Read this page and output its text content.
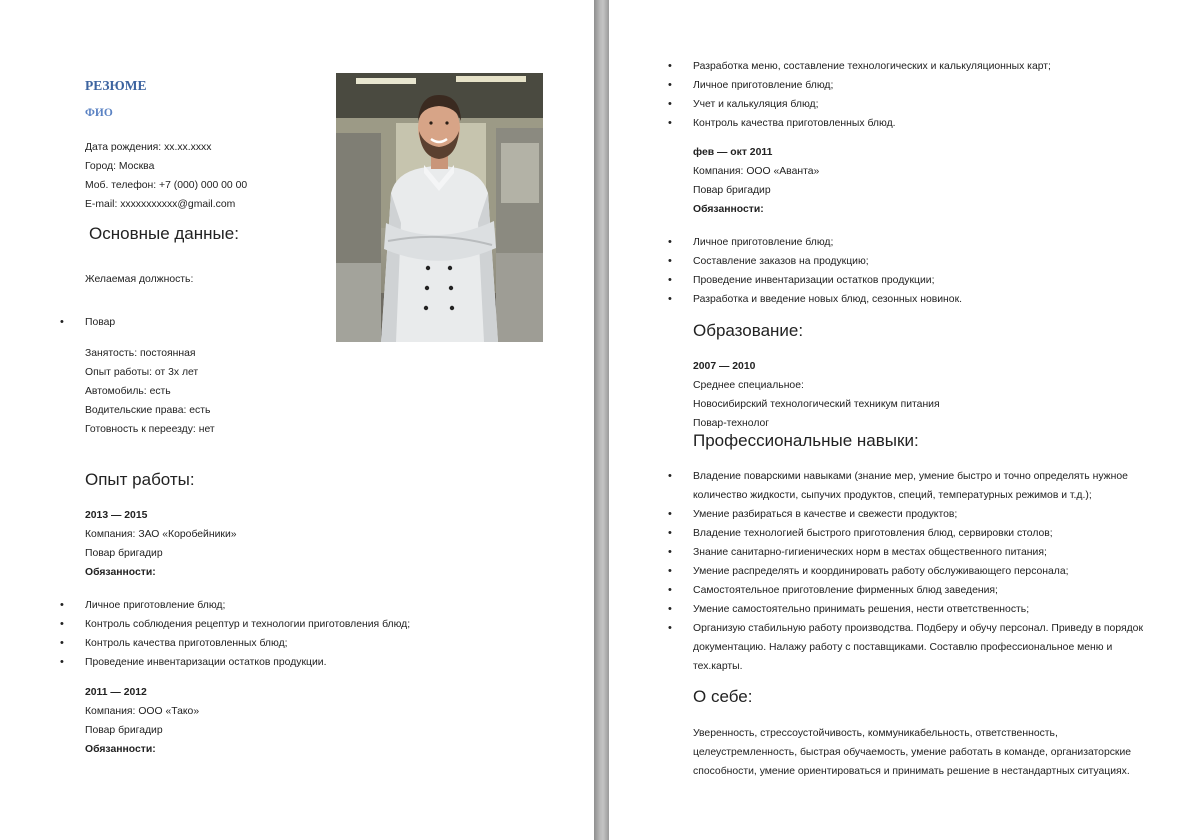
РЕЗЮМЕ
ФИО
Дата рождения: xx.xx.xxxx
Город: Москва
Моб. телефон: +7 (000) 000 00 00
E-mail: xxxxxxxxxxx@gmail.com
Основные данные:
Желаемая должность:
• Повар
Занятость: постоянная
Опыт работы: от 3х лет
Автомобиль: есть
Водительские права: есть
Готовность к переезду: нет
Опыт работы:
2013 — 2015
Компания: ЗАО «Коробейники»
Повар бригадир
Обязанности:
• Личное приготовление блюд;
• Контроль соблюдения рецептур и технологии приготовления блюд;
• Контроль качества приготовленных блюд;
• Проведение инвентаризации остатков продукции.
2011 — 2012
Компания: ООО «Тако»
Повар бригадир
Обязанности:
• Разработка меню, составление технологических и калькуляционных карт;
• Личное приготовление блюд;
• Учет и калькуляция блюд;
• Контроль качества приготовленных блюд.
фев — окт 2011
Компания: ООО «Аванта»
Повар бригадир
Обязанности:
• Личное приготовление блюд;
• Составление заказов на продукцию;
• Проведение инвентаризации остатков продукции;
• Разработка и введение новых блюд, сезонных новинок.
Образование:
2007 — 2010
Среднее специальное:
Новосибирский технологический техникум питания
Повар-технолог
Профессиональные навыки:
• Владение поварскими навыками (знание мер, умение быстро и точно определять нужное количество жидкости, сыпучих продуктов, специй, температурных режимов и т.д.);
• Умение разбираться в качестве и свежести продуктов;
• Владение технологией быстрого приготовления блюд, сервировки столов;
• Знание санитарно-гигиенических норм в местах общественного питания;
• Умение распределять и координировать работу обслуживающего персонала;
• Самостоятельное приготовление фирменных блюд заведения;
• Умение самостоятельно принимать решения, нести ответственность;
• Организую стабильную работу производства. Подберу и обучу персонал. Приведу в порядок документацию. Налажу работу с поставщиками. Составлю профессиональное меню и тех.карты.
О себе:
Уверенность, стрессоустойчивость, коммуникабельность, ответственность, целеустремленность, быстрая обучаемость, умение работать в команде, организаторские способности, умение ориентироваться и принимать решение в нестандартных ситуациях.
